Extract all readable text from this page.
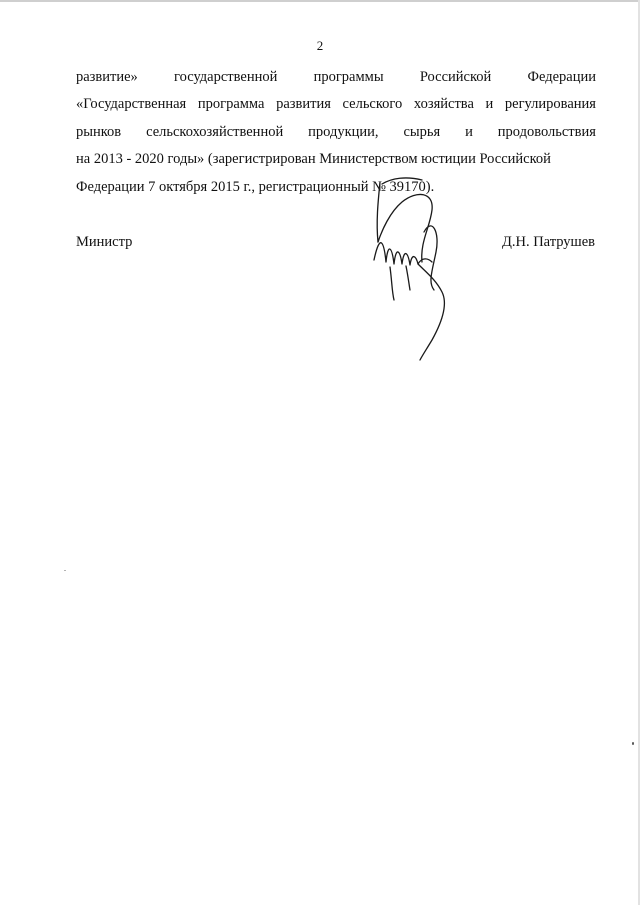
2
развитие» государственной программы Российской Федерации
«Государственная программа развития сельского хозяйства и регулирования
рынков сельскохозяйственной продукции, сырья и продовольствия
на 2013 - 2020 годы» (зарегистрирован Министерством юстиции Российской
Федерации 7 октября 2015 г., регистрационный № 39170).
Министр	Д.Н. Патрушев
